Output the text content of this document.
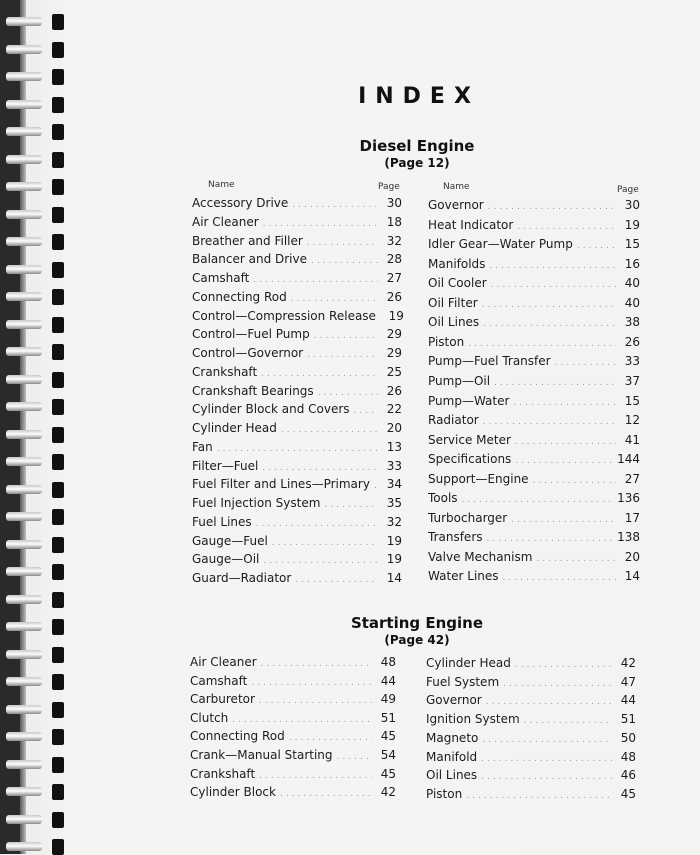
INDEX
Diesel Engine
(Page 12)
Name	Page	Name	Page
Accessory Drive .....	30
Air Cleaner .....	18
Breather and Filler .....	32
Balancer and Drive .....	28
Camshaft .....	27
Connecting Rod .....	26
Control—Compression Release	19
Control—Fuel Pump .....	29
Control—Governor .....	29
Crankshaft .....	25
Crankshaft Bearings .....	26
Cylinder Block and Covers .....	22
Cylinder Head .....	20
Fan .....	13
Filter—Fuel .....	33
Fuel Filter and Lines—Primary .....	34
Fuel Injection System .....	35
Fuel Lines .....	32
Gauge—Fuel .....	19
Gauge—Oil .....	19
Guard—Radiator .....	14
Governor .....	30
Heat Indicator .....	19
Idler Gear—Water Pump .....	15
Manifolds .....	16
Oil Cooler .....	40
Oil Filter .....	40
Oil Lines .....	38
Piston .....	26
Pump—Fuel Transfer .....	33
Pump—Oil .....	37
Pump—Water .....	15
Radiator .....	12
Service Meter .....	41
Specifications .....	144
Support—Engine .....	27
Tools .....	136
Turbocharger .....	17
Transfers .....	138
Valve Mechanism .....	20
Water Lines .....	14
Starting Engine
(Page 42)
Air Cleaner .....	48
Camshaft .....	44
Carburetor .....	49
Clutch .....	51
Connecting Rod .....	45
Crank—Manual Starting .....	54
Crankshaft .....	45
Cylinder Block .....	42
Cylinder Head .....	42
Fuel System .....	47
Governor .....	44
Ignition System .....	51
Magneto .....	50
Manifold .....	48
Oil Lines .....	46
Piston .....	45
